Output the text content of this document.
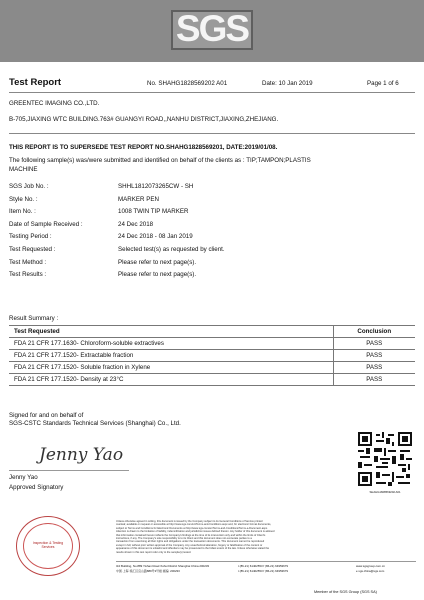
SGS
Test Report	No. SHAHG1828569202 A01	Date: 10 Jan 2019	Page 1 of 6
GREENTEC IMAGING CO.,LTD.
B-705,JIAXING WTC BUILDING.763# GUANGYI ROAD,,NANHU DISTRICT,JIAXING,ZHEJIANG.
THIS REPORT IS TO SUPERSEDE TEST REPORT NO.SHAHG1828569201, DATE:2019/01/08.
The following sample(s) was/were submitted and identified on behalf of the clients as : TIP;TAMPON;PLASTIS
MACHINE
SGS Job No. :	SHHL1812073265CW - SH
Style No. :	MARKER PEN
Item No. :	1008 TWIN TIP MARKER
Date of Sample Received :	24 Dec 2018
Testing Period :	24 Dec 2018 - 08 Jan 2019
Test Requested :	Selected test(s) as requested by client.
Test Method :	Please refer to next page(s).
Test Results :	Please refer to next page(s).
Result Summary :
Test Requested	Conclusion
FDA 21 CFR 177.1630- Chloroform-soluble extractives	PASS
FDA 21 CFR 177.1520- Extractable fraction	PASS
FDA 21 CFR 177.1520- Soluble fraction in Xylene	PASS
FDA 21 CFR 177.1520- Density at 23°C	PASS
Signed for and on behalf of
SGS-CSTC Standards Technical Services (Shanghai) Co., Ltd.
Jenny Yao
Jenny Yao
Approved Signatory
SHAHG1828569202 A01
Inspection & Testing Services
Unless otherwise agreed in writing, this document is issued by the Company subject to its General Conditions of Service printed
overleaf, available on request or accessible at http://www.sgs.com/en/Terms-and-Conditions.aspx and, for electronic format documents,
subject to Terms and Conditions for Electronic Documents at http://www.sgs.com/en/Terms-and-Conditions/Terms-e-Document.aspx.
Attention is drawn to the limitation of liability, indemnification and jurisdiction issues defined therein. Any holder of this document is advised
that information contained hereon reflects the Company's findings at the time of its intervention only and within the limits of Client's
instructions, if any. The Company's sole responsibility is to its Client and this document does not exonerate parties to a
transaction from exercising all their rights and obligations under the transaction documents. This document cannot be reproduced
except in full, without prior written approval of the Company. Any unauthorized alteration, forgery or falsification of the content or
appearance of this document is unlawful and offenders may be prosecuted to the fullest extent of the law. Unless otherwise stated the
results shown in this test report refer only to the sample(s) tested.
3rd Building, No.889 Yishan Road Xuhui District Shanghai China 200233
中国·上海·徐汇区宜山路889号3号楼 邮编: 200233
t (86-21) 61402553 f (86-21) 64953679
t (86-21) 61402553 f (86-21) 64953679
www.sgsgroup.com.cn
e sgs.china@sgs.com
Member of the SGS Group (SGS SA)
